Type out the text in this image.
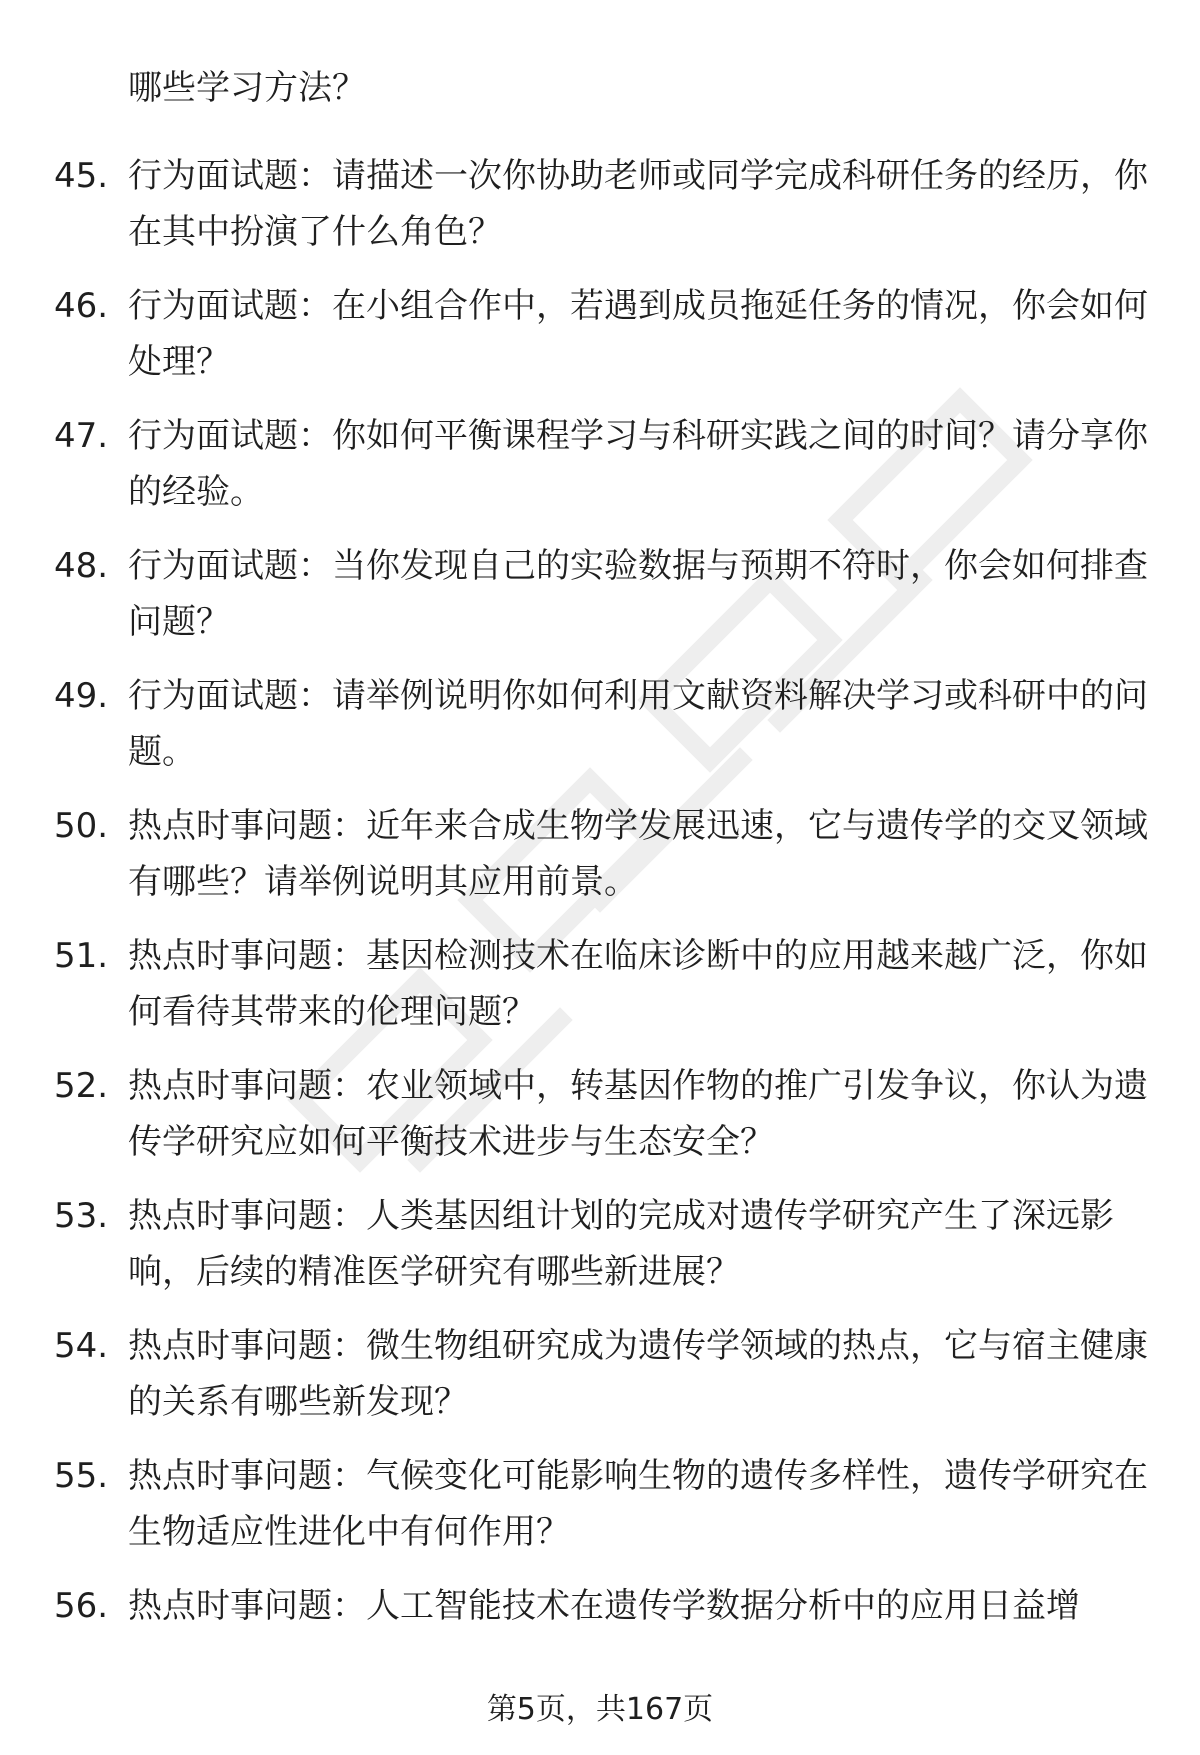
哪些学习方法？
45. 行为面试题：请描述一次你协助老师或同学完成科研任务的经历，你在其中扮演了什么角色？
46. 行为面试题：在小组合作中，若遇到成员拖延任务的情况，你会如何处理？
47. 行为面试题：你如何平衡课程学习与科研实践之间的时间？请分享你的经验。
48. 行为面试题：当你发现自己的实验数据与预期不符时，你会如何排查问题？
49. 行为面试题：请举例说明你如何利用文献资料解决学习或科研中的问题。
50. 热点时事问题：近年来合成生物学发展迅速，它与遗传学的交叉领域有哪些？请举例说明其应用前景。
51. 热点时事问题：基因检测技术在临床诊断中的应用越来越广泛，你如何看待其带来的伦理问题？
52. 热点时事问题：农业领域中，转基因作物的推广引发争议，你认为遗传学研究应如何平衡技术进步与生态安全？
53. 热点时事问题：人类基因组计划的完成对遗传学研究产生了深远影响，后续的精准医学研究有哪些新进展？
54. 热点时事问题：微生物组研究成为遗传学领域的热点，它与宿主健康的关系有哪些新发现？
55. 热点时事问题：气候变化可能影响生物的遗传多样性，遗传学研究在生物适应性进化中有何作用？
56. 热点时事问题：人工智能技术在遗传学数据分析中的应用日益增
第5页，共167页
